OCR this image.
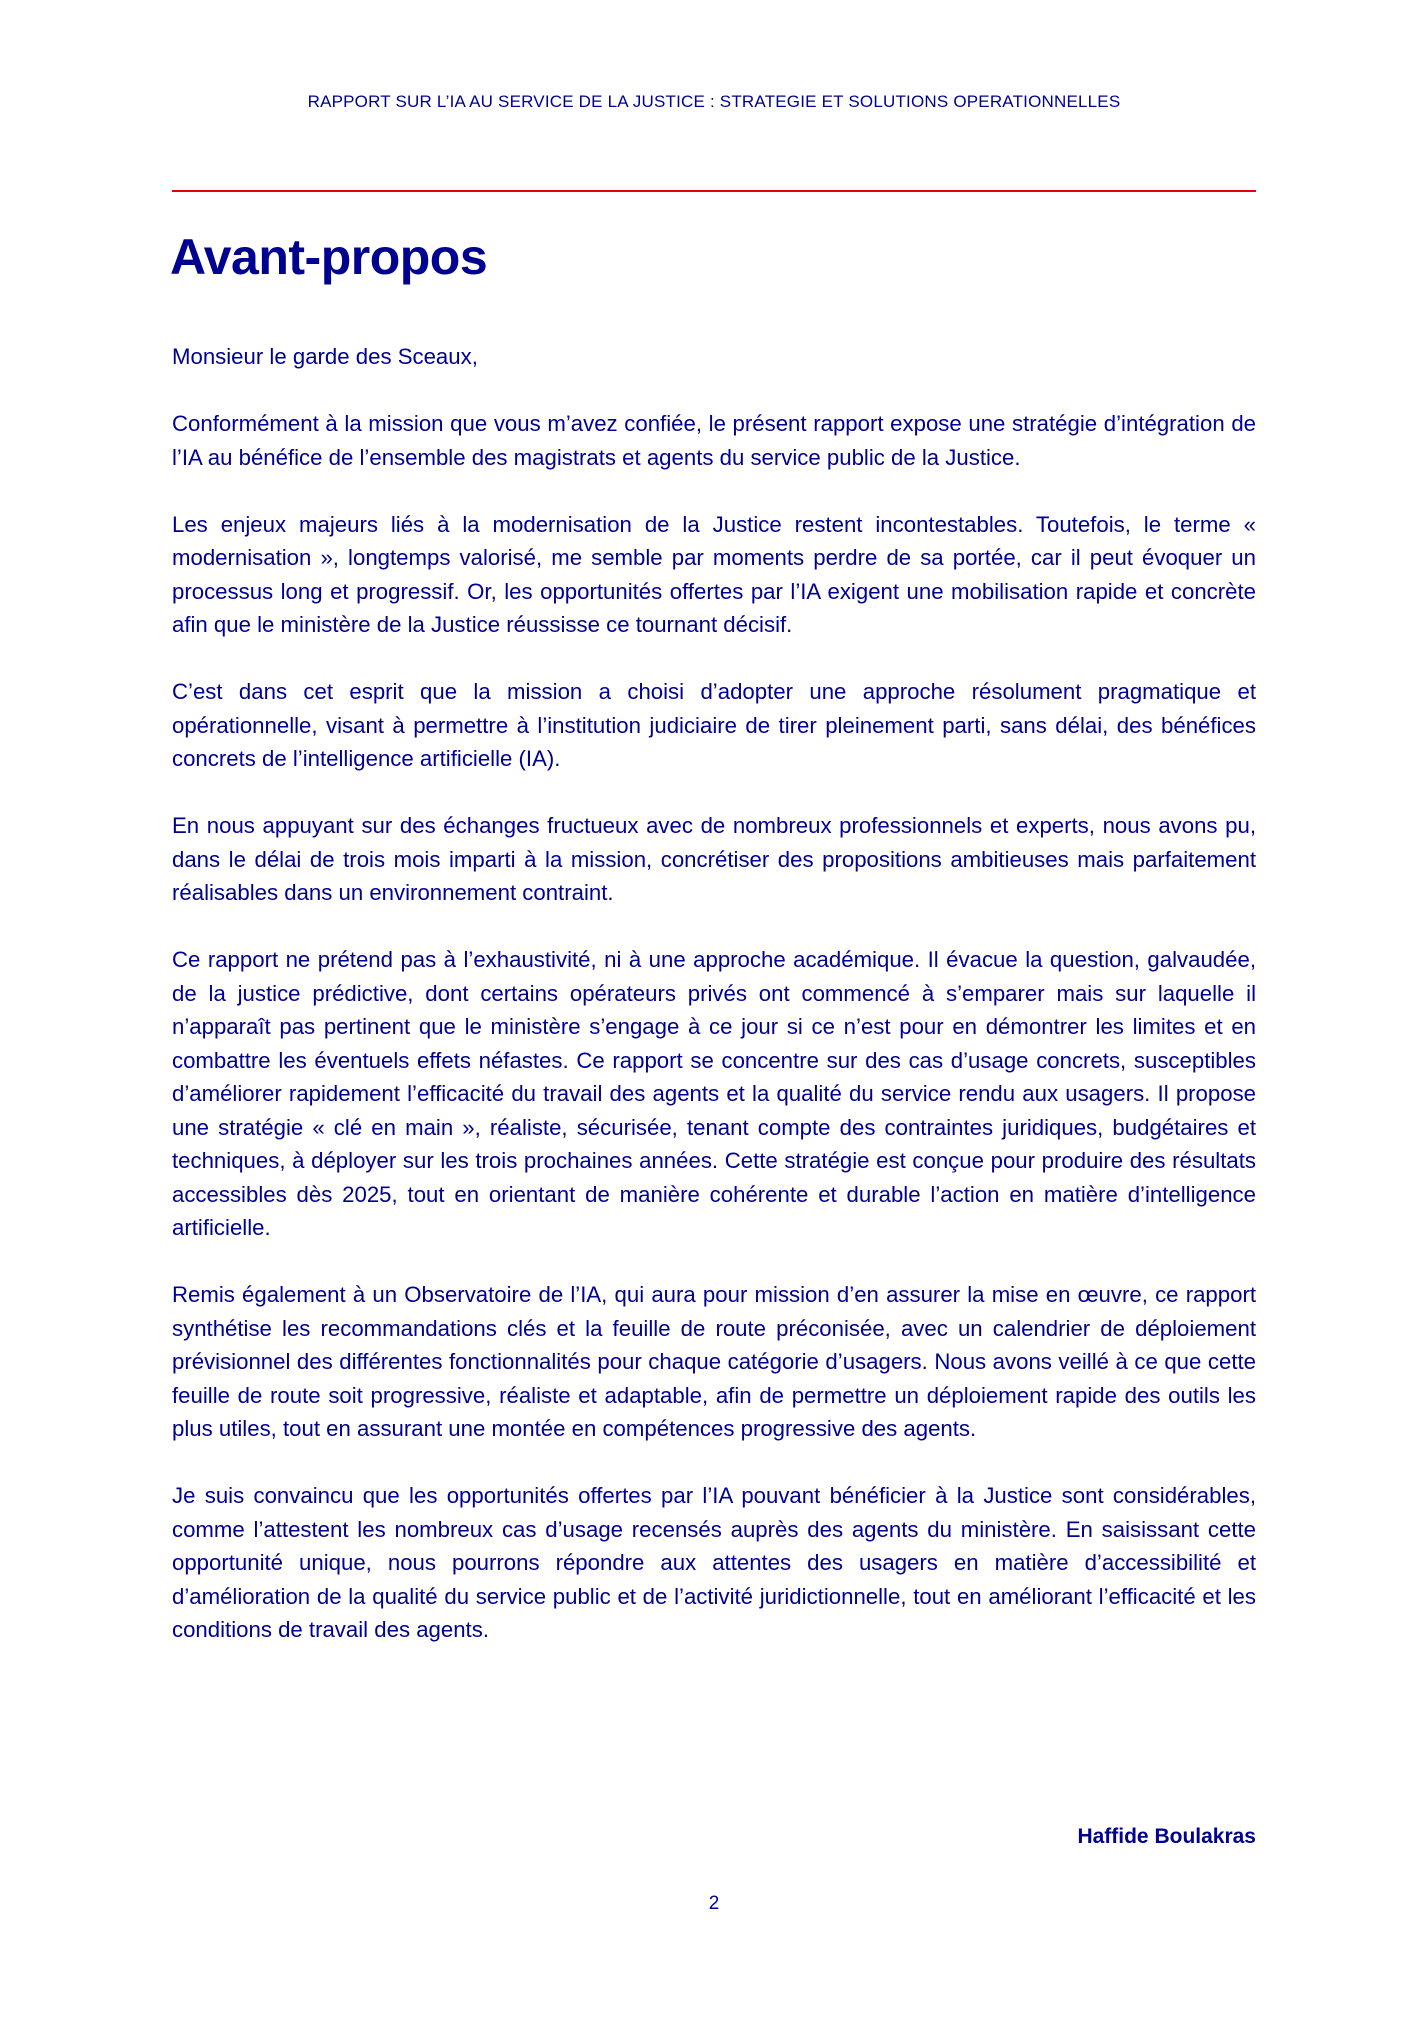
RAPPORT SUR L’IA AU SERVICE DE LA JUSTICE : STRATEGIE ET SOLUTIONS OPERATIONNELLES
Avant-propos

Monsieur le garde des Sceaux,

Conformément à la mission que vous m’avez confiée, le présent rapport expose une stratégie d’intégration de l’IA au bénéfice de l’ensemble des magistrats et agents du service public de la Justice.

Les enjeux majeurs liés à la modernisation de la Justice restent incontestables. Toutefois, le terme « modernisation », longtemps valorisé, me semble par moments perdre de sa portée, car il peut évoquer un processus long et progressif. Or, les opportunités offertes par l’IA exigent une mobilisation rapide et concrète afin que le ministère de la Justice réussisse ce tournant décisif.

C’est dans cet esprit que la mission a choisi d’adopter une approche résolument pragmatique et opérationnelle, visant à permettre à l’institution judiciaire de tirer pleinement parti, sans délai, des bénéfices concrets de l’intelligence artificielle (IA).

En nous appuyant sur des échanges fructueux avec de nombreux professionnels et experts, nous avons pu, dans le délai de trois mois imparti à la mission, concrétiser des propositions ambitieuses mais parfaitement réalisables dans un environnement contraint.

Ce rapport ne prétend pas à l’exhaustivité, ni à une approche académique. Il évacue la question, galvaudée, de la justice prédictive, dont certains opérateurs privés ont commencé à s’emparer mais sur laquelle il n’apparaît pas pertinent que le ministère s’engage à ce jour si ce n’est pour en démontrer les limites et en combattre les éventuels effets néfastes. Ce rapport se concentre sur des cas d’usage concrets, susceptibles d’améliorer rapidement l’efficacité du travail des agents et la qualité du service rendu aux usagers. Il propose une stratégie « clé en main », réaliste, sécurisée, tenant compte des contraintes juridiques, budgétaires et techniques, à déployer sur les trois prochaines années. Cette stratégie est conçue pour produire des résultats accessibles dès 2025, tout en orientant de manière cohérente et durable l’action en matière d’intelligence artificielle.

Remis également à un Observatoire de l’IA, qui aura pour mission d’en assurer la mise en œuvre, ce rapport synthétise les recommandations clés et la feuille de route préconisée, avec un calendrier de déploiement prévisionnel des différentes fonctionnalités pour chaque catégorie d’usagers. Nous avons veillé à ce que cette feuille de route soit progressive, réaliste et adaptable, afin de permettre un déploiement rapide des outils les plus utiles, tout en assurant une montée en compétences progressive des agents.

Je suis convaincu que les opportunités offertes par l’IA pouvant bénéficier à la Justice sont considérables, comme l’attestent les nombreux cas d’usage recensés auprès des agents du ministère. En saisissant cette opportunité unique, nous pourrons répondre aux attentes des usagers en matière d’accessibilité et d’amélioration de la qualité du service public et de l’activité juridictionnelle, tout en améliorant l’efficacité et les conditions de travail des agents.

Haffide Boulakras
2
